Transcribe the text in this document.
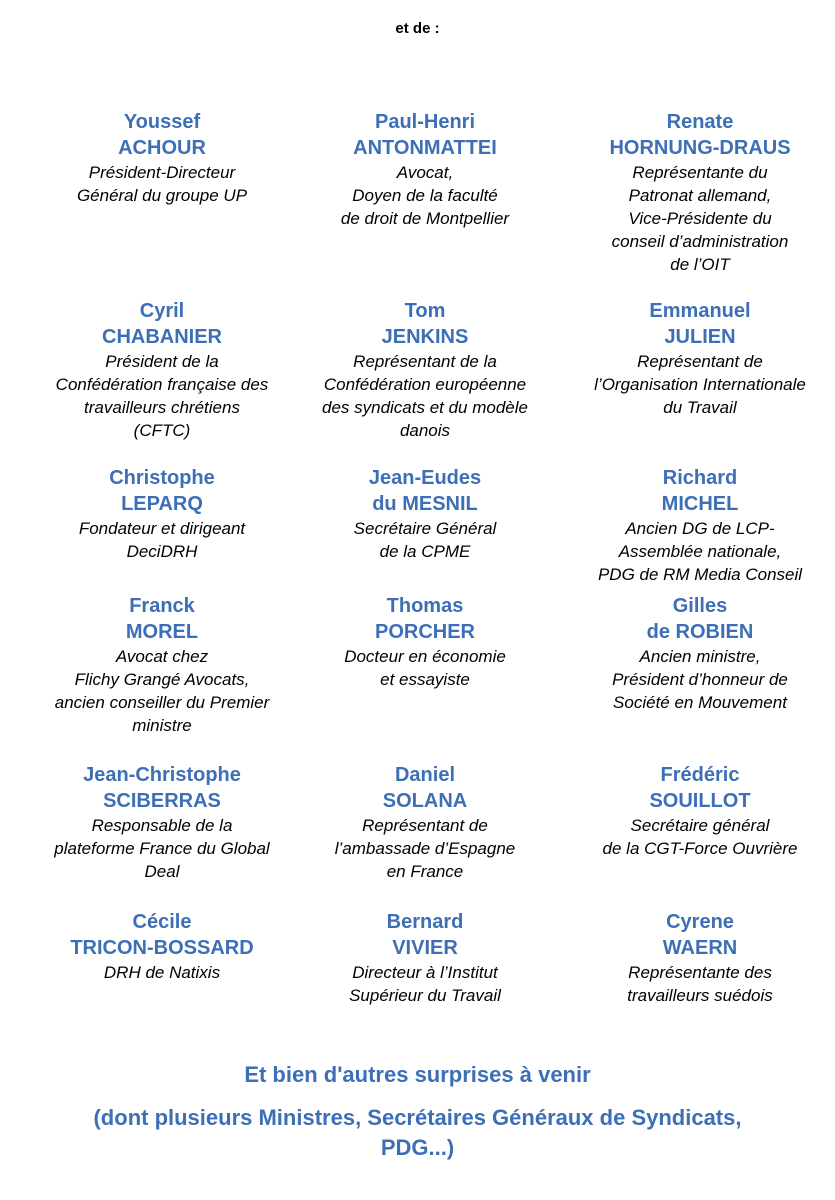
et de :
Youssef
ACHOUR
Président-Directeur
Général du groupe UP
Paul-Henri
ANTONMATTEI
Avocat,
Doyen de la faculté
de droit de Montpellier
Renate
HORNUNG-DRAUS
Représentante du
Patronat allemand,
Vice-Présidente du
conseil d’administration
de l’OIT
Cyril
CHABANIER
Président de la
Confédération française des
travailleurs chrétiens
(CFTC)
Tom
JENKINS
Représentant de la
Confédération européenne
des syndicats et du modèle
danois
Emmanuel
JULIEN
Représentant de
l’Organisation Internationale
du Travail
Christophe
LEPARQ
Fondateur et dirigeant
DeciDRH
Jean-Eudes
du MESNIL
Secrétaire Général
de la CPME
Richard
MICHEL
Ancien DG de LCP-
Assemblée nationale,
PDG de RM Media Conseil
Franck
MOREL
Avocat chez
Flichy Grangé Avocats,
ancien conseiller du Premier
ministre
Thomas
PORCHER
Docteur en économie
et essayiste
Gilles
de ROBIEN
Ancien ministre,
Président d’honneur de
Société en Mouvement
Jean-Christophe
SCIBERRAS
Responsable de la
plateforme France du Global
Deal
Daniel
SOLANA
Représentant de
l’ambassade d’Espagne
en France
Frédéric
SOUILLOT
Secrétaire général
de la CGT-Force Ouvrière
Cécile
TRICON-BOSSARD
DRH de Natixis
Bernard
VIVIER
Directeur à l’Institut
Supérieur du Travail
Cyrene
WAERN
Représentante des
travailleurs suédois
Et bien d'autres surprises à venir
(dont plusieurs Ministres, Secrétaires Généraux de Syndicats,
PDG...)
